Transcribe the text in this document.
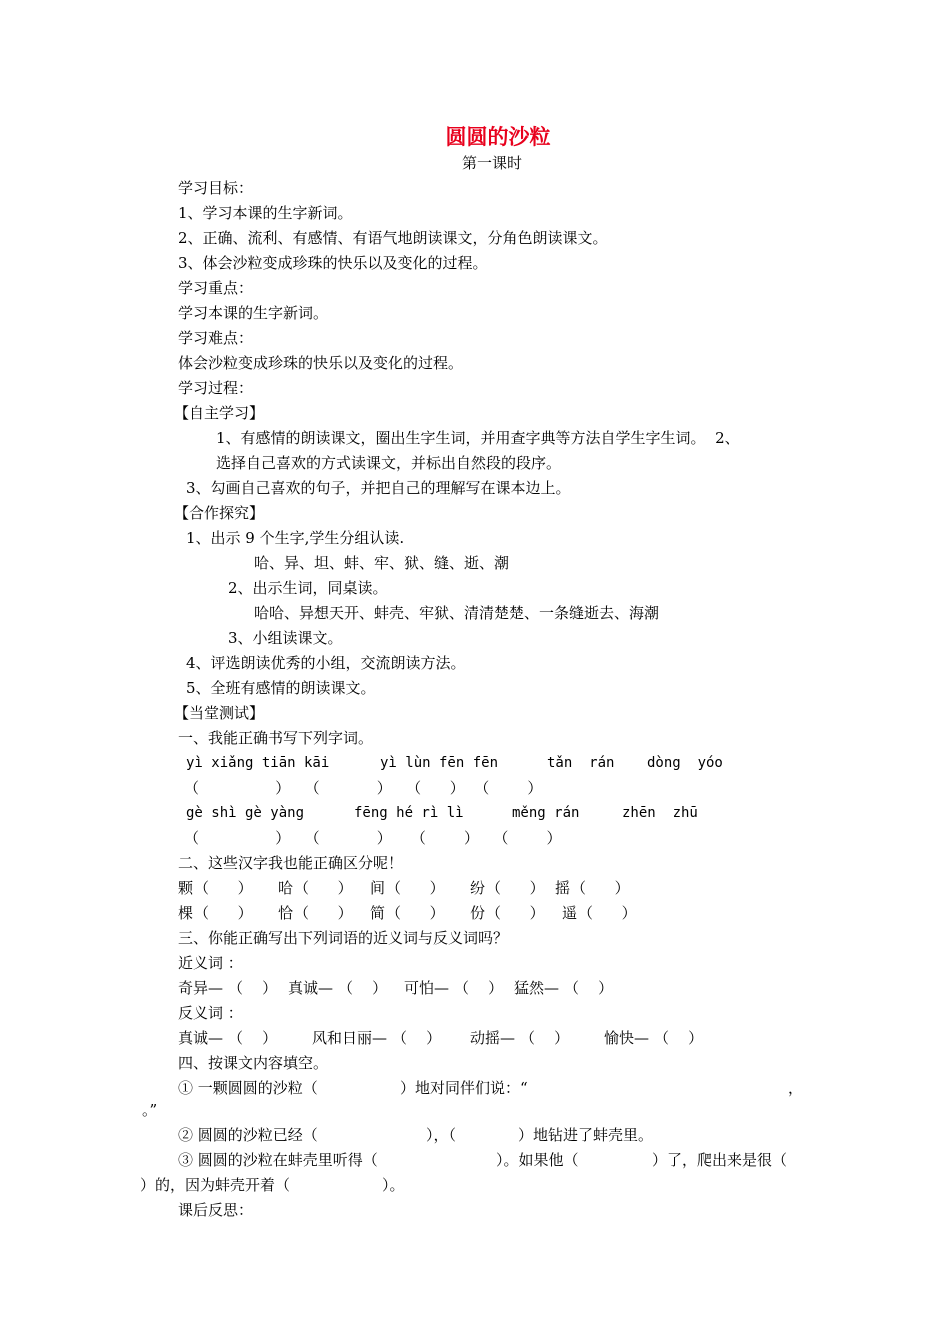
圆圆的沙粒
第一课时
学习目标：
1、学习本课的生字新词。
2、正确、流利、有感情、有语气地朗读课文，分角色朗读课文。
3、体会沙粒变成珍珠的快乐以及变化的过程。
学习重点：
学习本课的生字新词。
学习难点：
体会沙粒变成珍珠的快乐以及变化的过程。
学习过程：
【自主学习】
1、有感情的朗读课文，圈出生字生词，并用查字典等方法自学生字生词。  2、
选择自己喜欢的方式读课文，并标出自然段的段序。
3、勾画自己喜欢的句子，并把自己的理解写在课本边上。
【合作探究】
1、出示 9 个生字,学生分组认读.
哈、异、坦、蚌、牢、狱、缝、逝、潮
2、出示生词，同桌读。
哈哈、异想天开、蚌壳、牢狱、清清楚楚、一条缝逝去、海潮
3、小组读课文。
4、评选朗读优秀的小组，交流朗读方法。
5、全班有感情的朗读课文。
【当堂测试】
一、我能正确书写下列字词。
yì xiǎng tiān kāi	yì lùn fēn fēn	tǎn  rán dòng  yóo
（                ）   （            ）   （      ）  （        ）
gè shì gè yàng	fēng hé rì lì	měng rán	zhēn  zhū
（                ）   （            ）    （        ）   （        ）
二、这些汉字我也能正确区分呢！
颗 （      ） 哈 （      ） 间 （      ） 纷 （      ） 摇 （      ）
棵 （      ） 恰 （      ） 简 （      ） 份 （      ） 遥 （      ）
三、你能正确写出下列词语的近义词与反义词吗？
近义词 ：
奇异— （    ） 真诚— （    ） 可怕— （    ） 猛然— （    ）
反义词 ：
真诚— （    ） 风和日丽— （    ） 动摇— （    ） 愉快— （    ）
四、按课文内容填空。
① 一颗圆圆的沙粒（	）地对同伴们说：“	，
。”
② 圆圆的沙粒已经（	），（	）地钻进了蚌壳里。
③ 圆圆的沙粒在蚌壳里听得（	）。如果他（	）了，爬出来是很（
）的，因为蚌壳开着（	）。
课后反思：
